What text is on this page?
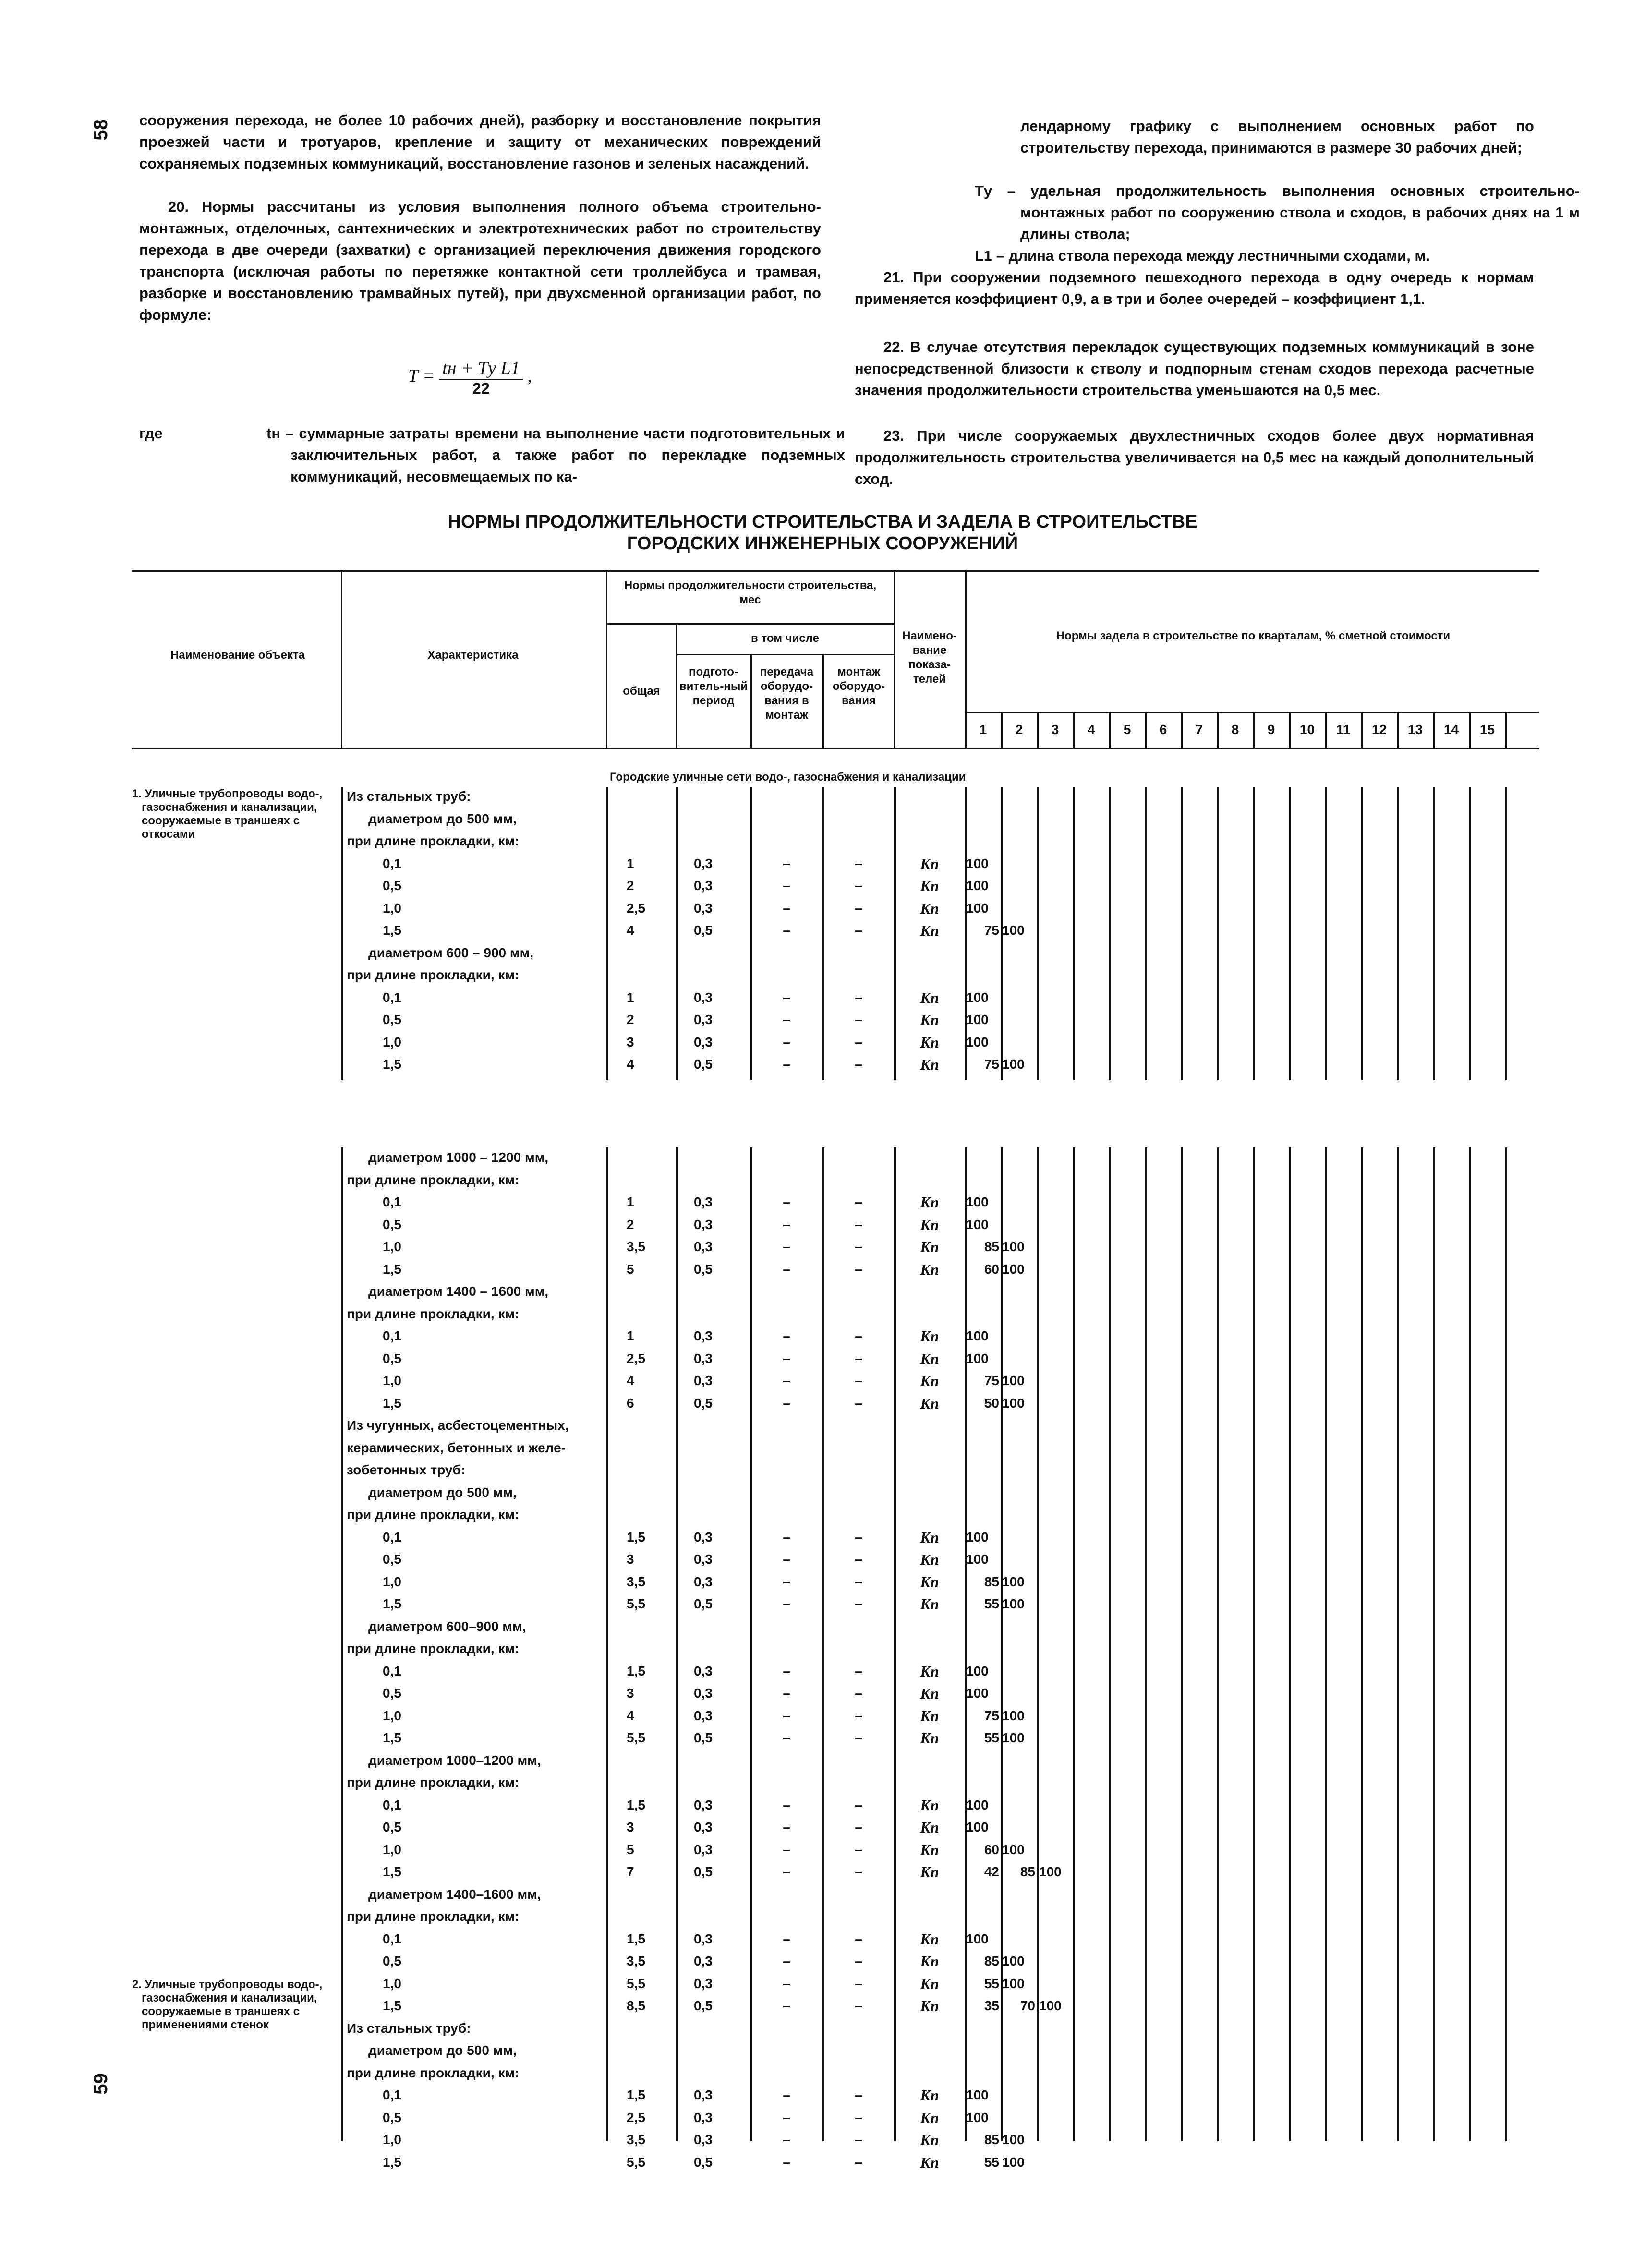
58
59

сооружения перехода, не более 10 рабочих дней), разборку и восстановление покрытия проезжей части и тротуаров, крепление и защиту от механических повреждений сохраняемых подземных коммуникаций, восстановление газонов и зеленых насаждений.

20. Нормы рассчитаны из условия выполнения полного объема строительно-монтажных, отделочных, сантехнических и электротехнических работ по строительству перехода в две очереди (захватки) с организацией переключения движения городского транспорта (исключая работы по перетяжке контактной сети троллейбуса и трамвая, разборке и восстановлению трамвайных путей), при двухсменной организации работ, по формуле:

$T = \frac{\text{tн + Tу L1}}{22}$ ,
где	tн – суммарные затраты времени на выполнение части подготовительных и заключительных работ, а также работ по перекладке подземных коммуникаций, несовмещаемых по ка-

лендарному графику с выполнением основных работ по строительству перехода, принимаются в размере 30 рабочих дней;

Tу – удельная продолжительность выполнения основных строительно-монтажных работ по сооружению ствола и сходов, в рабочих днях на 1 м длины ствола;

L1 – длина ствола перехода между лестничными сходами, м.

21. При сооружении подземного пешеходного перехода в одну очередь к нормам применяется коэффициент 0,9, а в три и более очередей – коэффициент 1,1.

22. В случае отсутствия перекладок существующих подземных коммуникаций в зоне непосредственной близости к стволу и подпорным стенам сходов перехода расчетные значения продолжительности строительства уменьшаются на 0,5 мес.

23. При числе сооружаемых двухлестничных сходов более двух нормативная продолжительность строительства увеличивается на 0,5 мес на каждый дополнительный сход.

НОРМЫ ПРОДОЛЖИТЕЛЬНОСТИ СТРОИТЕЛЬСТВА И ЗАДЕЛА В СТРОИТЕЛЬСТВЕ
ГОРОДСКИХ ИНЖЕНЕРНЫХ СООРУЖЕНИЙ
Наименование объекта	Характеристика
Нормы продолжительности строительства, мес
в том числе
общая
подгото-витель-ный период
передача оборудо-вания в монтаж
монтаж оборудо-вания
Наимено-вание показа-телей
Нормы задела в строительстве по кварталам, % сметной стоимости
1	2	3	4	5	6	7	8	9	10	11	12	13	14	15
Городские уличные сети водо-, газоснабжения и канализации
1. Уличные трубопроводы водо-, газоснабжения и канализации, сооружаемые в траншеях с откосами
2. Уличные трубопроводы водо-, газоснабжения и канализации, сооружаемые в траншеях с применениями стенок
Из стальных труб:
диаметром до 500 мм,
при длине прокладки, км:
0,1	1	0,3	–	–	Kп	100
0,5	2	0,3	–	–	Kп	100
1,0	2,5	0,3	–	–	Kп	100
1,5	4	0,5	–	–	Kп	75 100
диаметром 600 – 900 мм,
при длине прокладки, км:
0,1	1	0,3	–	–	Kп	100
0,5	2	0,3	–	–	Kп	100
1,0	3	0,3	–	–	Kп	100
1,5	4	0,5	–	–	Kп	75 100
диаметром 1000 – 1200 мм,
при длине прокладки, км:
0,1	1	0,3	–	–	Kп	100
0,5	2	0,3	–	–	Kп	100
1,0	3,5	0,3	–	–	Kп	85 100
1,5	5	0,5	–	–	Kп	60 100
диаметром 1400 – 1600 мм,
при длине прокладки, км:
0,1	1	0,3	–	–	Kп	100
0,5	2,5	0,3	–	–	Kп	100
1,0	4	0,3	–	–	Kп	75 100
1,5	6	0,5	–	–	Kп	50 100
Из чугунных, асбестоцементных,
керамических, бетонных и желе-
зобетонных труб:
диаметром до 500 мм,
при длине прокладки, км:
0,1	1,5	0,3	–	–	Kп	100
0,5	3	0,3	–	–	Kп	100
1,0	3,5	0,3	–	–	Kп	85 100
1,5	5,5	0,5	–	–	Kп	55 100
диаметром 600–900 мм,
при длине прокладки, км:
0,1	1,5	0,3	–	–	Kп	100
0,5	3	0,3	–	–	Kп	100
1,0	4	0,3	–	–	Kп	75 100
1,5	5,5	0,5	–	–	Kп	55 100
диаметром 1000–1200 мм,
при длине прокладки, км:
0,1	1,5	0,3	–	–	Kп	100
0,5	3	0,3	–	–	Kп	100
1,0	5	0,3	–	–	Kп	60 100
1,5	7	0,5	–	–	Kп	42	85 100
диаметром 1400–1600 мм,
при длине прокладки, км:
0,1	1,5	0,3	–	–	Kп	100
0,5	3,5	0,3	–	–	Kп	85 100
1,0	5,5	0,3	–	–	Kп	55 100
1,5	8,5	0,5	–	–	Kп	35	70 100
Из стальных труб:
диаметром до 500 мм,
при длине прокладки, км:
0,1	1,5	0,3	–	–	Kп	100
0,5	2,5	0,3	–	–	Kп	100
1,0	3,5	0,3	–	–	Kп	85 100
1,5	5,5	0,5	–	–	Kп	55 100
